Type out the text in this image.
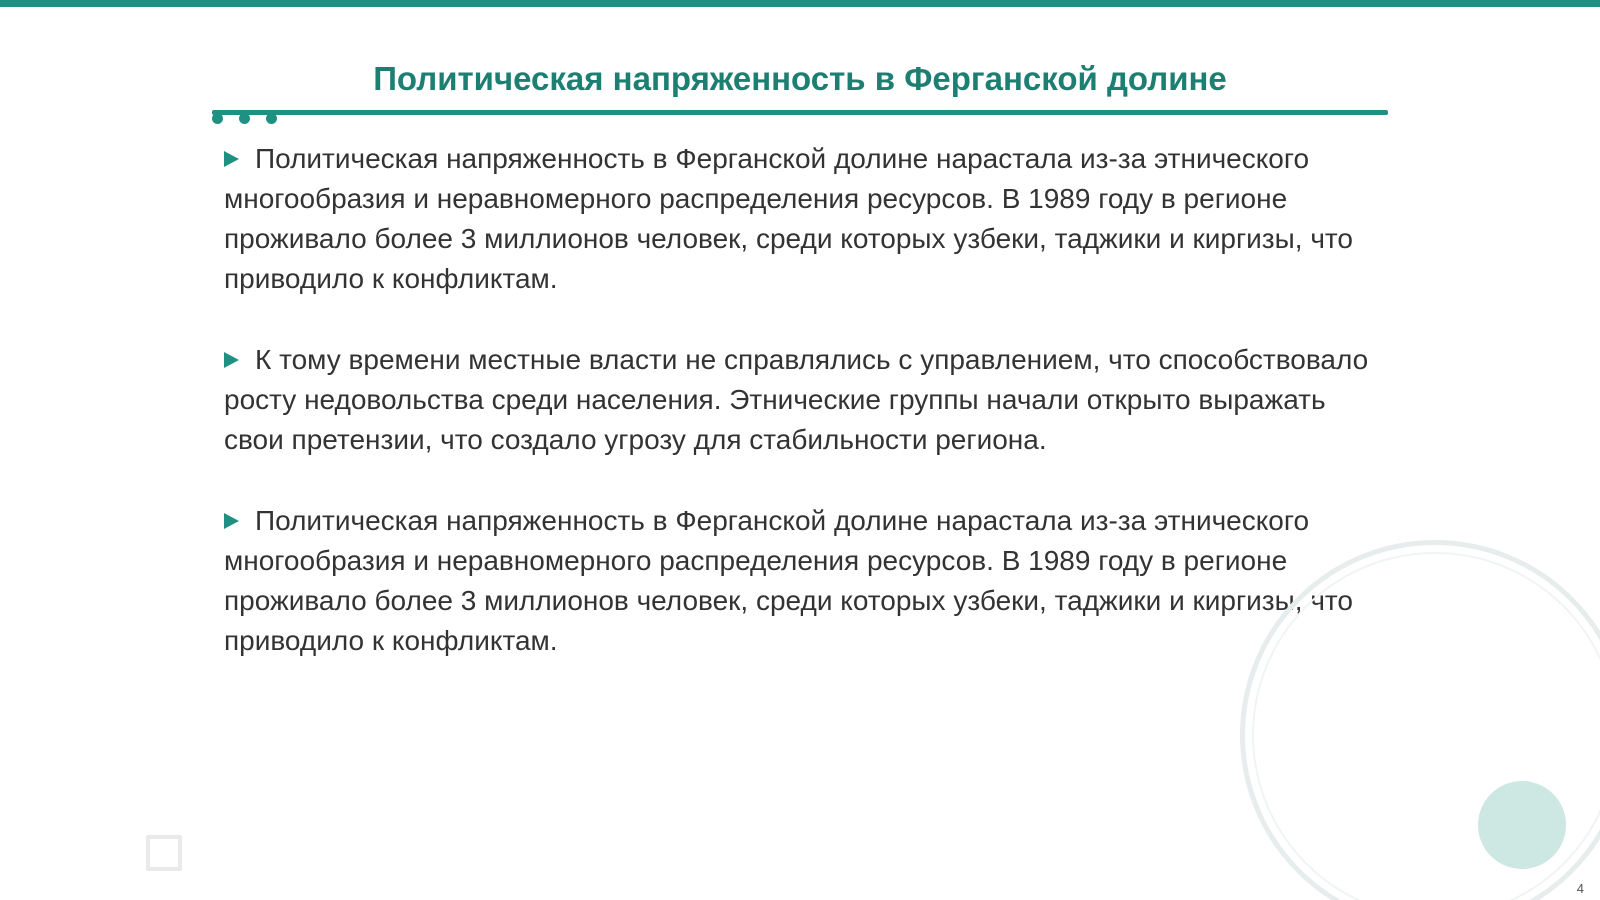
Политическая напряженность в Ферганской долине

Политическая напряженность в Ферганской долине нарастала из-за этнического многообразия и неравномерного распределения ресурсов. В 1989 году в регионе проживало более 3 миллионов человек, среди которых узбеки, таджики и киргизы, что приводило к конфликтам.

К тому времени местные власти не справлялись с управлением, что способствовало росту недовольства среди населения. Этнические группы начали открыто выражать свои претензии, что создало угрозу для стабильности региона.

Политическая напряженность в Ферганской долине нарастала из-за этнического многообразия и неравномерного распределения ресурсов. В 1989 году в регионе проживало более 3 миллионов человек, среди которых узбеки, таджики и киргизы, что приводило к конфликтам.

4
